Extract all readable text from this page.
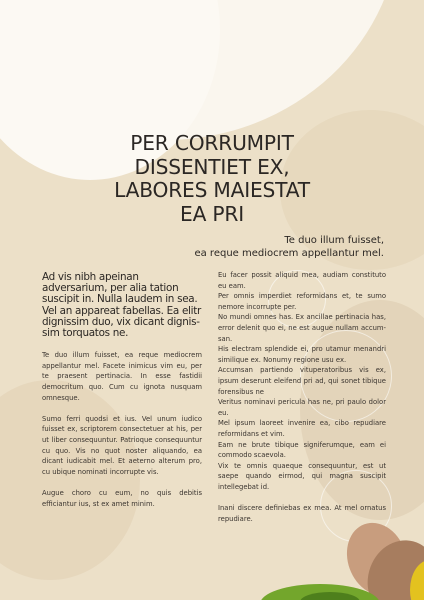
PER CORRUMPIT
DISSENTIET EX,
LABORES MAIESTAT
EA PRI
Te duo illum fuisset,
ea reque mediocrem appellantur mel.

Ad vis nibh apeinan adversarium, per alia tation suscipit in. Nulla laudem in sea.

Vel an appareat fabellas. Ea elitr dignissim duo, vix dicant dignissim torquatos ne.

Te duo illum fuisset, ea reque mediocrem appellantur mel. Facete inimicus vim eu, per te praesent pertinacia. In esse fastidii democritum quo. Cum cu ignota nusquam omnesque.

Sumo ferri quodsi et ius. Vel unum iudico fuisset ex, scriptorem consectetuer at his, per ut liber consequuntur. Patrioque consequuntur cu quo. Vis no quot noster aliquando, ea dicant iudicabit mel. Et aeterno alterum pro, cu ubique nominati incorrupte vis.

Augue choro cu eum, no quis debitis efficiantur ius, st ex amet minim.

Eu facer possit aliquid mea, audiam constituto eu eam.

Per omnis imperdiet reformidans et, te sumo nemore incorrupte per.

No mundi omnes has. Ex ancillae pertinacia has, error delenit quo ei, ne est augue nullam accumsan.

His electram splendide ei, pro utamur menandri similique ex. Nonumy regione usu ex.

Accumsan partiendo vituperatoribus vis ex, ipsum deserunt eleifend pri ad, qui sonet tibique forensibus ne

Veritus nominavi pericula has ne, pri paulo dolor eu.

Mel ipsum laoreet invenire ea, cibo repudiare reformidans et vim.

Eam ne brute tibique signiferumque, eam ei commodo scaevola.

Vix te omnis quaeque consequuntur, est ut saepe quando eirmod, qui magna suscipit intellegebat id.

Inani discere definiebas ex mea. At mel ornatus repudiare.
